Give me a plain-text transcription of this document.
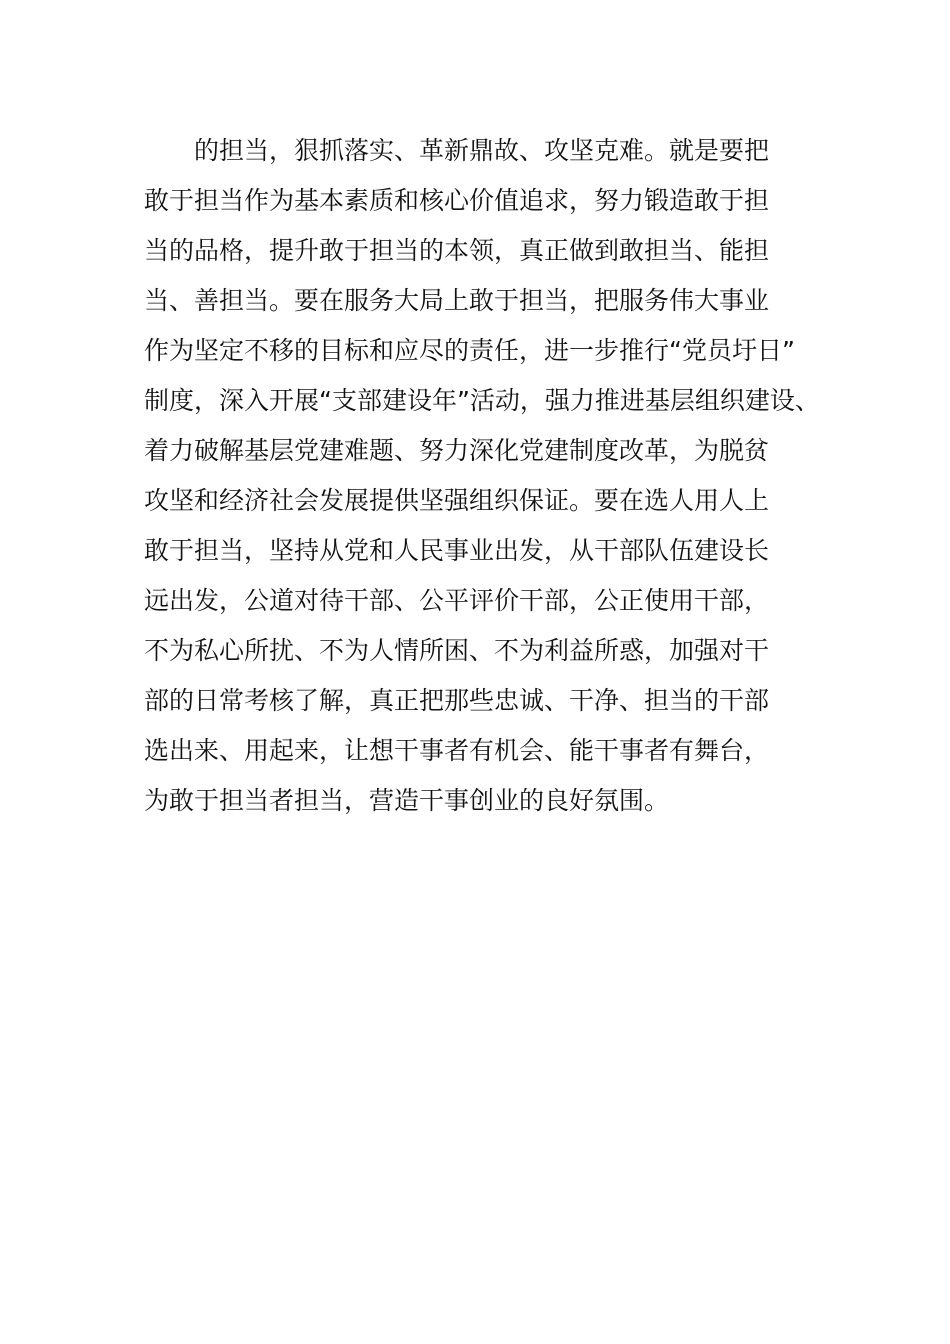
的担当，狠抓落实、革新鼎故、攻坚克难。就是要把
敢于担当作为基本素质和核心价值追求，努力锻造敢于担
当的品格，提升敢于担当的本领，真正做到敢担当、能担
当、善担当。要在服务大局上敢于担当，把服务伟大事业
作为坚定不移的目标和应尽的责任，进一步推行“党员圩日”
制度，深入开展“支部建设年”活动，强力推进基层组织建设、
着力破解基层党建难题、努力深化党建制度改革，为脱贫
攻坚和经济社会发展提供坚强组织保证。要在选人用人上
敢于担当，坚持从党和人民事业出发，从干部队伍建设长
远出发，公道对待干部、公平评价干部，公正使用干部，
不为私心所扰、不为人情所困、不为利益所惑，加强对干
部的日常考核了解，真正把那些忠诚、干净、担当的干部
选出来、用起来，让想干事者有机会、能干事者有舞台，
为敢于担当者担当，营造干事创业的良好氛围。
